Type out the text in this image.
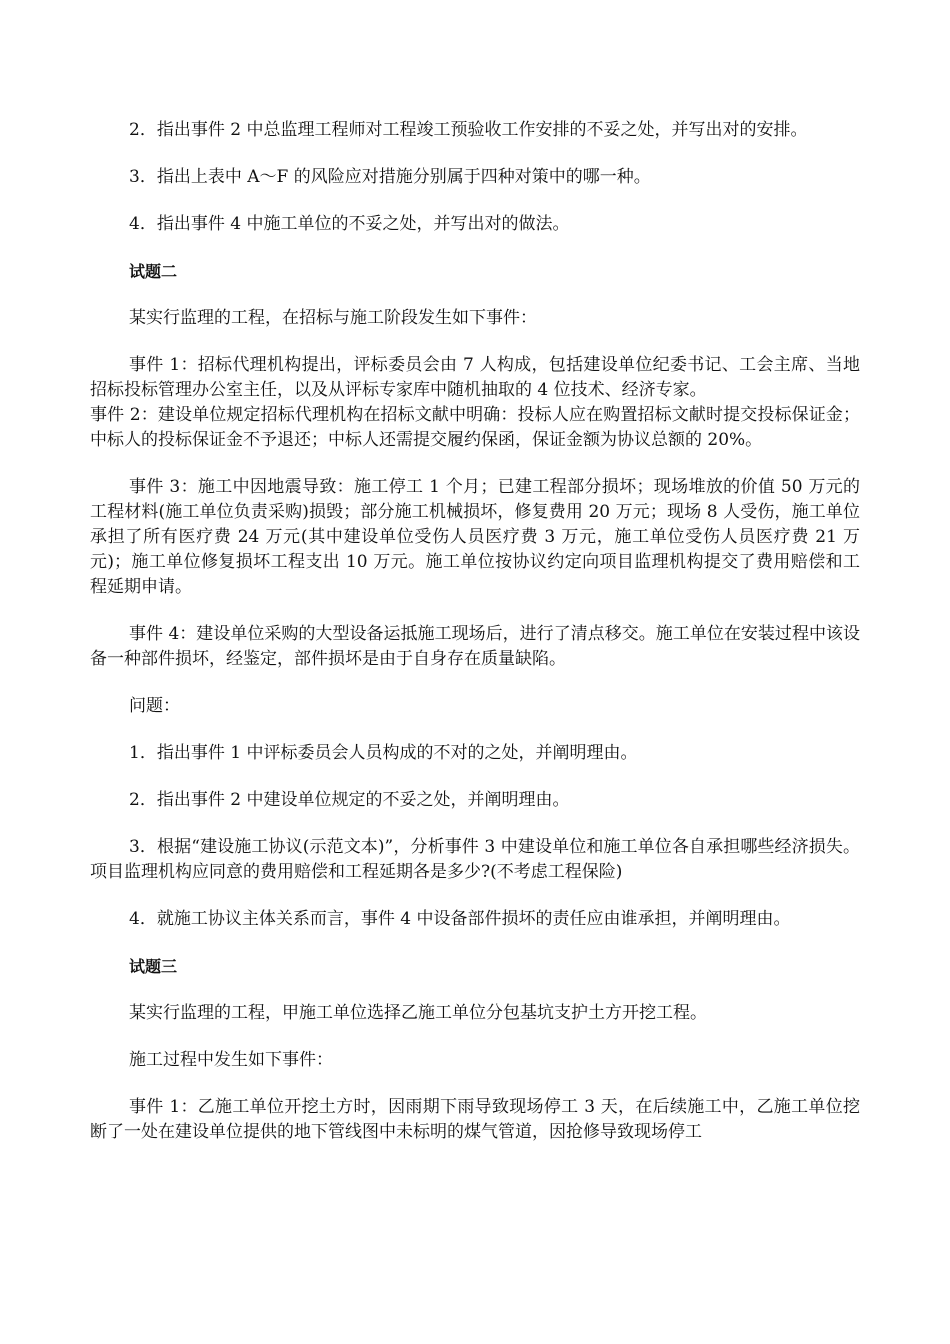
2．指出事件 2 中总监理工程师对工程竣工预验收工作安排的不妥之处，并写出对的安排。

3．指出上表中 A～F 的风险应对措施分别属于四种对策中的哪一种。

4．指出事件 4 中施工单位的不妥之处，并写出对的做法。

试题二

某实行监理的工程，在招标与施工阶段发生如下事件：

事件 1：招标代理机构提出，评标委员会由 7 人构成，包括建设单位纪委书记、工会主席、当地招标投标管理办公室主任，以及从评标专家库中随机抽取的 4 位技术、经济专家。

事件 2：建设单位规定招标代理机构在招标文献中明确：投标人应在购置招标文献时提交投标保证金；中标人的投标保证金不予退还；中标人还需提交履约保函，保证金额为协议总额的 20%。

事件 3：施工中因地震导致：施工停工 1 个月；已建工程部分损坏；现场堆放的价值 50 万元的工程材料(施工单位负责采购)损毁；部分施工机械损坏，修复费用 20 万元；现场 8 人受伤，施工单位承担了所有医疗费 24 万元(其中建设单位受伤人员医疗费 3 万元，施工单位受伤人员医疗费 21 万元)；施工单位修复损坏工程支出 10 万元。施工单位按协议约定向项目监理机构提交了费用赔偿和工程延期申请。

事件 4：建设单位采购的大型设备运抵施工现场后，进行了清点移交。施工单位在安装过程中该设备一种部件损坏，经鉴定，部件损坏是由于自身存在质量缺陷。

问题：

1．指出事件 1 中评标委员会人员构成的不对的之处，并阐明理由。

2．指出事件 2 中建设单位规定的不妥之处，并阐明理由。

3．根据“建设施工协议(示范文本)”，分析事件 3 中建设单位和施工单位各自承担哪些经济损失。项目监理机构应同意的费用赔偿和工程延期各是多少?(不考虑工程保险)

4．就施工协议主体关系而言，事件 4 中设备部件损坏的责任应由谁承担，并阐明理由。

试题三

某实行监理的工程，甲施工单位选择乙施工单位分包基坑支护土方开挖工程。

施工过程中发生如下事件：

事件 1：乙施工单位开挖土方时，因雨期下雨导致现场停工 3 天，在后续施工中，乙施工单位挖断了一处在建设单位提供的地下管线图中未标明的煤气管道，因抢修导致现场停工
